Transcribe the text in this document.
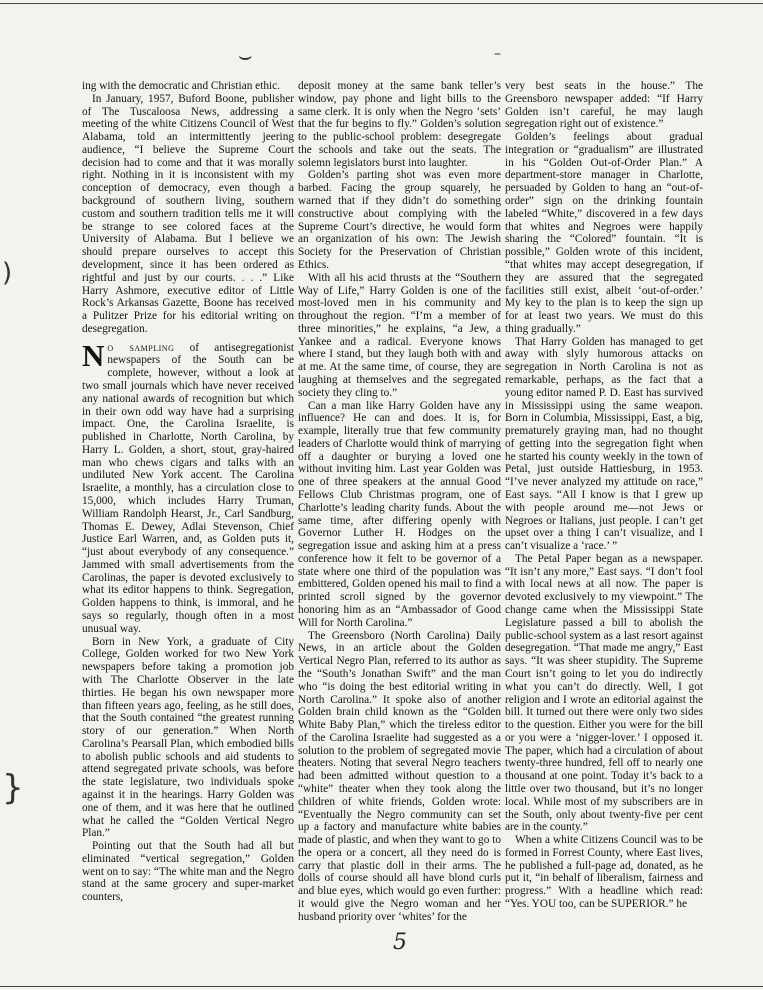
⌣	–
)
}

ing with the democratic and Christian ethic.

In January, 1957, Buford Boone, publisher of The Tuscaloosa News, addressing a meeting of the white Citizens Council of West Alabama, told an intermittently jeering audience, “I believe the Supreme Court decision had to come and that it was morally right. Nothing in it is inconsistent with my conception of democracy, even though a background of southern living, southern custom and southern tradition tells me it will be strange to see colored faces at the University of Alabama. But I believe we should prepare ourselves to accept this development, since it has been ordered as rightful and just by our courts. . . .” Like Harry Ashmore, executive editor of Little Rock’s Arkansas Gazette, Boone has received a Pulitzer Prize for his editorial writing on desegregation.

No sampling of antisegregationist newspapers of the South can be complete, however, without a look at two small journals which have never received any national awards of recognition but which in their own odd way have had a surprising impact. One, the Carolina Israelite, is published in Charlotte, North Carolina, by Harry L. Golden, a short, stout, gray-haired man who chews cigars and talks with an undiluted New York accent. The Carolina Israelite, a monthly, has a circulation close to 15,000, which includes Harry Truman, William Randolph Hearst, Jr., Carl Sandburg, Thomas E. Dewey, Adlai Stevenson, Chief Justice Earl Warren, and, as Golden puts it, “just about everybody of any consequence.” Jammed with small advertisements from the Carolinas, the paper is devoted exclusively to what its editor happens to think. Segregation, Golden happens to think, is immoral, and he says so regularly, though often in a most unusual way.

Born in New York, a graduate of City College, Golden worked for two New York newspapers before taking a promotion job with The Charlotte Observer in the late thirties. He began his own newspaper more than fifteen years ago, feeling, as he still does, that the South contained “the greatest running story of our generation.” When North Carolina’s Pearsall Plan, which embodied bills to abolish public schools and aid students to attend segregated private schools, was before the state legislature, two individuals spoke against it in the hearings. Harry Golden was one of them, and it was here that he outlined what he called the “Golden Vertical Negro Plan.”

Pointing out that the South had all but eliminated “vertical segregation,” Golden went on to say: “The white man and the Negro stand at the same grocery and super-market counters,

deposit money at the same bank teller’s window, pay phone and light bills to the same clerk. It is only when the Negro ‘sets’ that the fur begins to fly.” Golden’s solution to the public-school problem: desegregate the schools and take out the seats. The solemn legislators burst into laughter.

Golden’s parting shot was even more barbed. Facing the group squarely, he warned that if they didn’t do something constructive about complying with the Supreme Court’s directive, he would form an organization of his own: The Jewish Society for the Preservation of Christian Ethics.

With all his acid thrusts at the “Southern Way of Life,” Harry Golden is one of the most-loved men in his community and throughout the region. “I’m a member of three minorities,” he explains, “a Jew, a Yankee and a radical. Everyone knows where I stand, but they laugh both with and at me. At the same time, of course, they are laughing at themselves and the segregated society they cling to.”

Can a man like Harry Golden have any influence? He can and does. It is, for example, literally true that few community leaders of Charlotte would think of marrying off a daughter or burying a loved one without inviting him. Last year Golden was one of three speakers at the annual Good Fellows Club Christmas program, one of Charlotte’s leading charity funds. About the same time, after differing openly with Governor Luther H. Hodges on the segregation issue and asking him at a press conference how it felt to be governor of a state where one third of the population was embittered, Golden opened his mail to find a printed scroll signed by the governor honoring him as an “Ambassador of Good Will for North Carolina.”

The Greensboro (North Carolina) Daily News, in an article about the Golden Vertical Negro Plan, referred to its author as the “South’s Jonathan Swift” and the man who “is doing the best editorial writing in North Carolina.” It spoke also of another Golden brain child known as the “Golden White Baby Plan,” which the tireless editor of the Carolina Israelite had suggested as a solution to the problem of segregated movie theaters. Noting that several Negro teachers had been admitted without question to a “white” theater when they took along the children of white friends, Golden wrote: “Eventually the Negro community can set up a factory and manufacture white babies made of plastic, and when they want to go to the opera or a concert, all they need do is carry that plastic doll in their arms. The dolls of course should all have blond curls and blue eyes, which would go even further: it would give the Negro woman and her husband priority over ‘whites’ for the

very best seats in the house.” The Greensboro newspaper added: “If Harry Golden isn’t careful, he may laugh segregation right out of existence.”

Golden’s feelings about gradual integration or “gradualism” are illustrated in his “Golden Out-of-Order Plan.” A department-store manager in Charlotte, persuaded by Golden to hang an “out-of-order” sign on the drinking fountain labeled “White,” discovered in a few days that whites and Negroes were happily sharing the “Colored” fountain. “It is possible,” Golden wrote of this incident, “that whites may accept desegregation, if they are assured that the segregated facilities still exist, albeit ‘out-of-order.’ My key to the plan is to keep the sign up for at least two years. We must do this thing gradually.”

That Harry Golden has managed to get away with slyly humorous attacks on segregation in North Carolina is not as remarkable, perhaps, as the fact that a young editor named P. D. East has survived in Mississippi using the same weapon. Born in Columbia, Mississippi, East, a big, prematurely graying man, had no thought of getting into the segregation fight when he started his county weekly in the town of Petal, just outside Hattiesburg, in 1953. “I’ve never analyzed my attitude on race,” East says. “All I know is that I grew up with people around me—not Jews or Negroes or Italians, just people. I can’t get upset over a thing I can’t visualize, and I can’t visualize a ‘race.’ ”

The Petal Paper began as a newspaper. “It isn’t any more,” East says. “I don’t fool with local news at all now. The paper is devoted exclusively to my viewpoint.” The change came when the Mississippi State Legislature passed a bill to abolish the public-school system as a last resort against desegregation. “That made me angry,” East says. “It was sheer stupidity. The Supreme Court isn’t going to let you do indirectly what you can’t do directly. Well, I got religion and I wrote an editorial against the bill. It turned out there were only two sides to the question. Either you were for the bill or you were a ‘nigger-lover.’ I opposed it. The paper, which had a circulation of about twenty-three hundred, fell off to nearly one thousand at one point. Today it’s back to a little over two thousand, but it’s no longer local. While most of my subscribers are in the South, only about twenty-five per cent are in the county.”

When a white Citizens Council was to be formed in Forrest County, where East lives, he published a full-page ad, donated, as he put it, “in behalf of liberalism, fairness and progress.” With a headline which read: “Yes. YOU too, can be SUPERIOR.” he

5
